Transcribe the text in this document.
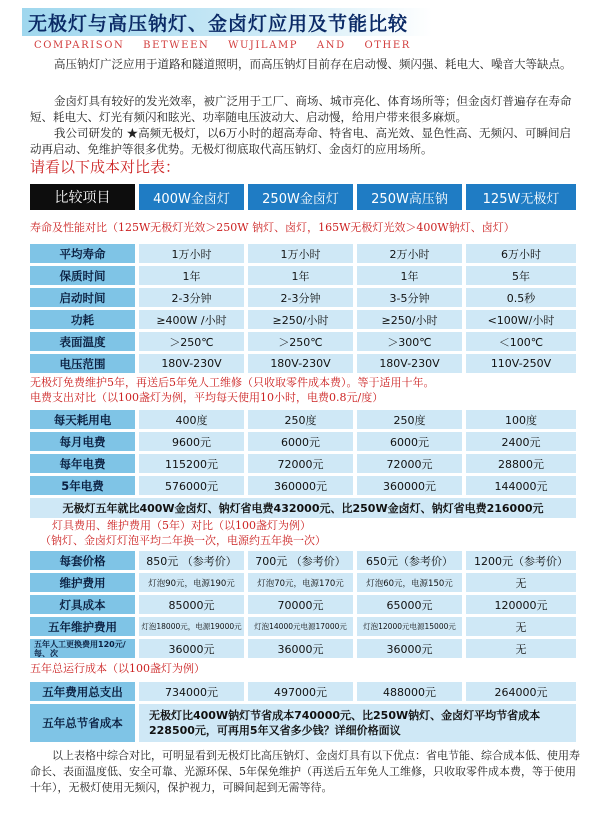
无极灯与高压钠灯、金卤灯应用及节能比较
COMPARISON BETWEEN WUJILAMP AND OTHER
高压钠灯广泛应用于道路和隧道照明，而高压钠灯目前存在启动慢、频闪强、耗电大、噪音大等缺点。
金卤灯具有较好的发光效率，被广泛用于工厂、商场、城市亮化、体育场所等；但金卤灯普遍存在寿命短、耗电大、灯光有频闪和眩光、功率随电压波动大、启动慢，给用户带来很多麻烦。
我公司研发的 ★高频无极灯，以6万小时的超高寿命、特省电、高光效、显色性高、无频闪、可瞬间启动再启动、免维护等很多优势。无极灯彻底取代高压钠灯、金卤灯的应用场所。
请看以下成本对比表：
比较项目	400W金卤灯	250W金卤灯	250W高压钠	125W无极灯
寿命及性能对比（125W无极灯光效＞250W 钠灯、卤灯，165W无极灯光效＞400W钠灯、卤灯）
平均寿命	1万小时	1万小时	2万小时	6万小时
保质时间	1年	1年	1年	5年
启动时间	2-3分钟	2-3分钟	3-5分钟	0.5秒
功耗	≥400W /小时	≥250/小时	≥250/小时	<100W/小时
表面温度	＞250℃	＞250℃	＞300℃	＜100℃
电压范围	180V-230V	180V-230V	180V-230V	110V-250V
无极灯免费维护5年，再送后5年免人工维修（只收取零件成本费）。等于适用十年。
电费支出对比（以100盏灯为例，平均每天使用10小时，电费0.8元/度）
每天耗用电	400度	250度	250度	100度
每月电费	9600元	6000元	6000元	2400元
每年电费	115200元	72000元	72000元	28800元
5年电费	576000元	360000元	360000元	144000元
无极灯五年就比400W金卤灯、钠灯省电费432000元、比250W金卤灯、钠灯省电费216000元
灯具费用、维护费用（5年）对比（以100盏灯为例）
（钠灯、金卤灯灯泡平均二年换一次，电源约五年换一次）
每套价格	850元 （参考价）	700元 （参考价）	650元（参考价）	1200元（参考价）
维护费用	灯泡90元，电源190元	灯泡70元，电源170元	灯泡60元，电源150元	无
灯具成本	85000元	70000元	65000元	120000元
五年维护费用	灯泡18000元，电源19000元	灯泡14000元电源17000元	灯泡12000元电源15000元	无
五年人工更换费用120元/每、次	36000元	36000元	36000元	无
五年总运行成本（以100盏灯为例）
五年费用总支出	734000元	497000元	488000元	264000元
五年总节省成本
无极灯比400W钠灯节省成本740000元、比250W钠灯、金卤灯平均节省成本228500元，可再用5年又省多少钱？详细价格面议
以上表格中综合对比，可明显看到无极灯比高压钠灯、金卤灯具有以下优点：省电节能、综合成本低、使用寿命长、表面温度低、安全可靠、光源环保、5年保免维护（再送后五年免人工维修，只收取零件成本费，等于使用十年），无极灯使用无频闪，保护视力，可瞬间起到无需等待。
